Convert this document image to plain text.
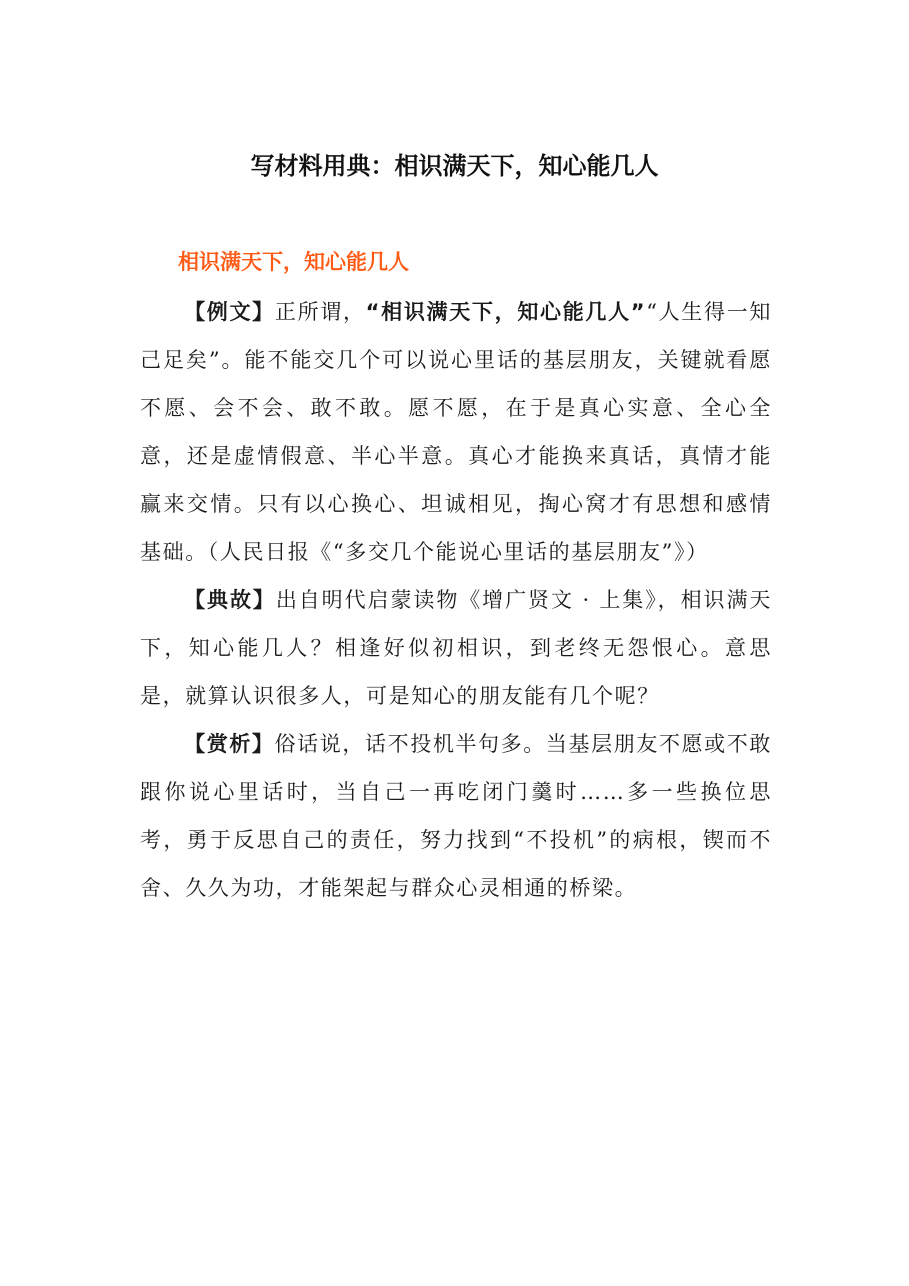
写材料用典：相识满天下，知心能几人
相识满天下，知心能几人

【例文】正所谓，“相识满天下，知心能几人”“人生得一知己足矣”。能不能交几个可以说心里话的基层朋友，关键就看愿不愿、会不会、敢不敢。愿不愿，在于是真心实意、全心全意，还是虚情假意、半心半意。真心才能换来真话，真情才能赢来交情。只有以心换心、坦诚相见，掏心窝才有思想和感情基础。（人民日报《“多交几个能说心里话的基层朋友”》）

【典故】出自明代启蒙读物《增广贤文 · 上集》，相识满天下，知心能几人？相逢好似初相识，到老终无怨恨心。意思是，就算认识很多人，可是知心的朋友能有几个呢？

【赏析】俗话说，话不投机半句多。当基层朋友不愿或不敢跟你说心里话时，当自己一再吃闭门羹时……多一些换位思考，勇于反思自己的责任，努力找到“不投机”的病根，锲而不舍、久久为功，才能架起与群众心灵相通的桥梁。
